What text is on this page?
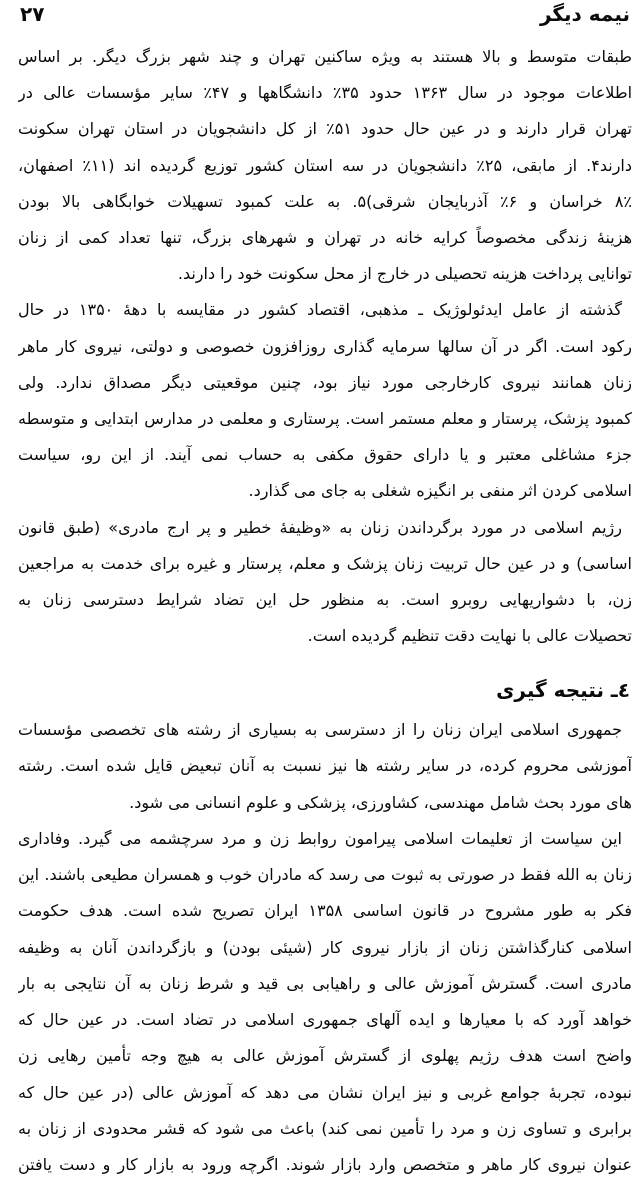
نیمه دیگر
۲۷
٤ـ نتیجه گیری
طبقات متوسط و بالا هستند به ویژه ساکنین تهران و چند شهر بزرگ دیگر. بر اساس
اطلاعات موجود در سال ۱۳۶۳ حدود ۳۵٪ دانشگاهها و ۴۷٪ سایر مؤسسات عالی در
تهران قرار دارند و در عین حال حدود ۵۱٪ از کل دانشجویان در استان تهران سکونت
دارند۴. از مابقی، ۲۵٪ دانشجویان در سه استان کشور توزیع گردیده اند (۱۱٪ اصفهان،
۸٪ خراسان و ۶٪ آذربایجان شرقی)۵. به علت کمبود تسهیلات خوابگاهی بالا بودن
هزینهٔ زندگی مخصوصاً کرایه خانه در تهران و شهرهای بزرگ، تنها تعداد کمی از زنان
توانایی پرداخت هزینه تحصیلی در خارج از محل سکونت خود را دارند.
گذشته از عامل ایدئولوژیک ـ مذهبی، اقتصاد کشور در مقایسه با دههٔ ۱۳۵۰ در حال
رکود است. اگر در آن سالها سرمایه گذاری روزافزون خصوصی و دولتی، نیروی کار ماهر
زنان همانند نیروی کارخارجی مورد نیاز بود، چنین موقعیتی دیگر مصداق ندارد. ولی
کمبود پزشک، پرستار و معلم مستمر است. پرستاری و معلمی در مدارس ابتدایی و متوسطه
جزء مشاغلی معتبر و یا دارای حقوق مکفی به حساب نمی آیند. از این رو، سیاست
اسلامی کردن اثر منفی بر انگیزه شغلی به جای می گذارد.
رژیم اسلامی در مورد برگرداندن زنان به «وظیفهٔ خطیر و پر ارج مادری» (طبق قانون
اساسی) و در عین حال تربیت زنان پزشک و معلم، پرستار و غیره برای خدمت به مراجعین
زن، با دشواریهایی روبرو است. به منظور حل این تضاد شرایط دسترسی زنان به
تحصیلات عالی با نهایت دقت تنظیم گردیده است.
جمهوری اسلامی ایران زنان را از دسترسی به بسیاری از رشته های تخصصی مؤسسات
آموزشی محروم کرده، در سایر رشته ها نیز نسبت به آنان تبعیض قایل شده است. رشته
های مورد بحث شامل مهندسی، کشاورزی، پزشکی و علوم انسانی می شود.
این سیاست از تعلیمات اسلامی پیرامون روابط زن و مرد سرچشمه می گیرد. وفاداری
زنان به الله فقط در صورتی به ثبوت می رسد که مادران خوب و همسران مطیعی باشند. این
فکر به طور مشروح در قانون اساسی ۱۳۵۸ ایران تصریح شده است. هدف حکومت
اسلامی کنارگذاشتن زنان از بازار نیروی کار (شیئی بودن) و بازگرداندن آنان به وظیفه
مادری است. گسترش آموزش عالی و راهیابی بی قید و شرط زنان به آن نتایجی به بار
خواهد آورد که با معیارها و ایده آلهای جمهوری اسلامی در تضاد است. در عین حال که
واضح است هدف رژیم پهلوی از گسترش آموزش عالی به هیچ وجه تأمین رهایی زن
نبوده، تجربهٔ جوامع غربی و نیز ایران نشان می دهد که آموزش عالی (در عین حال که
برابری و تساوی زن و مرد را تأمین نمی کند) باعث می شود که قشر محدودی از زنان به
عنوان نیروی کار ماهر و متخصص وارد بازار شوند. اگرچه ورود به بازار کار و دست یافتن
